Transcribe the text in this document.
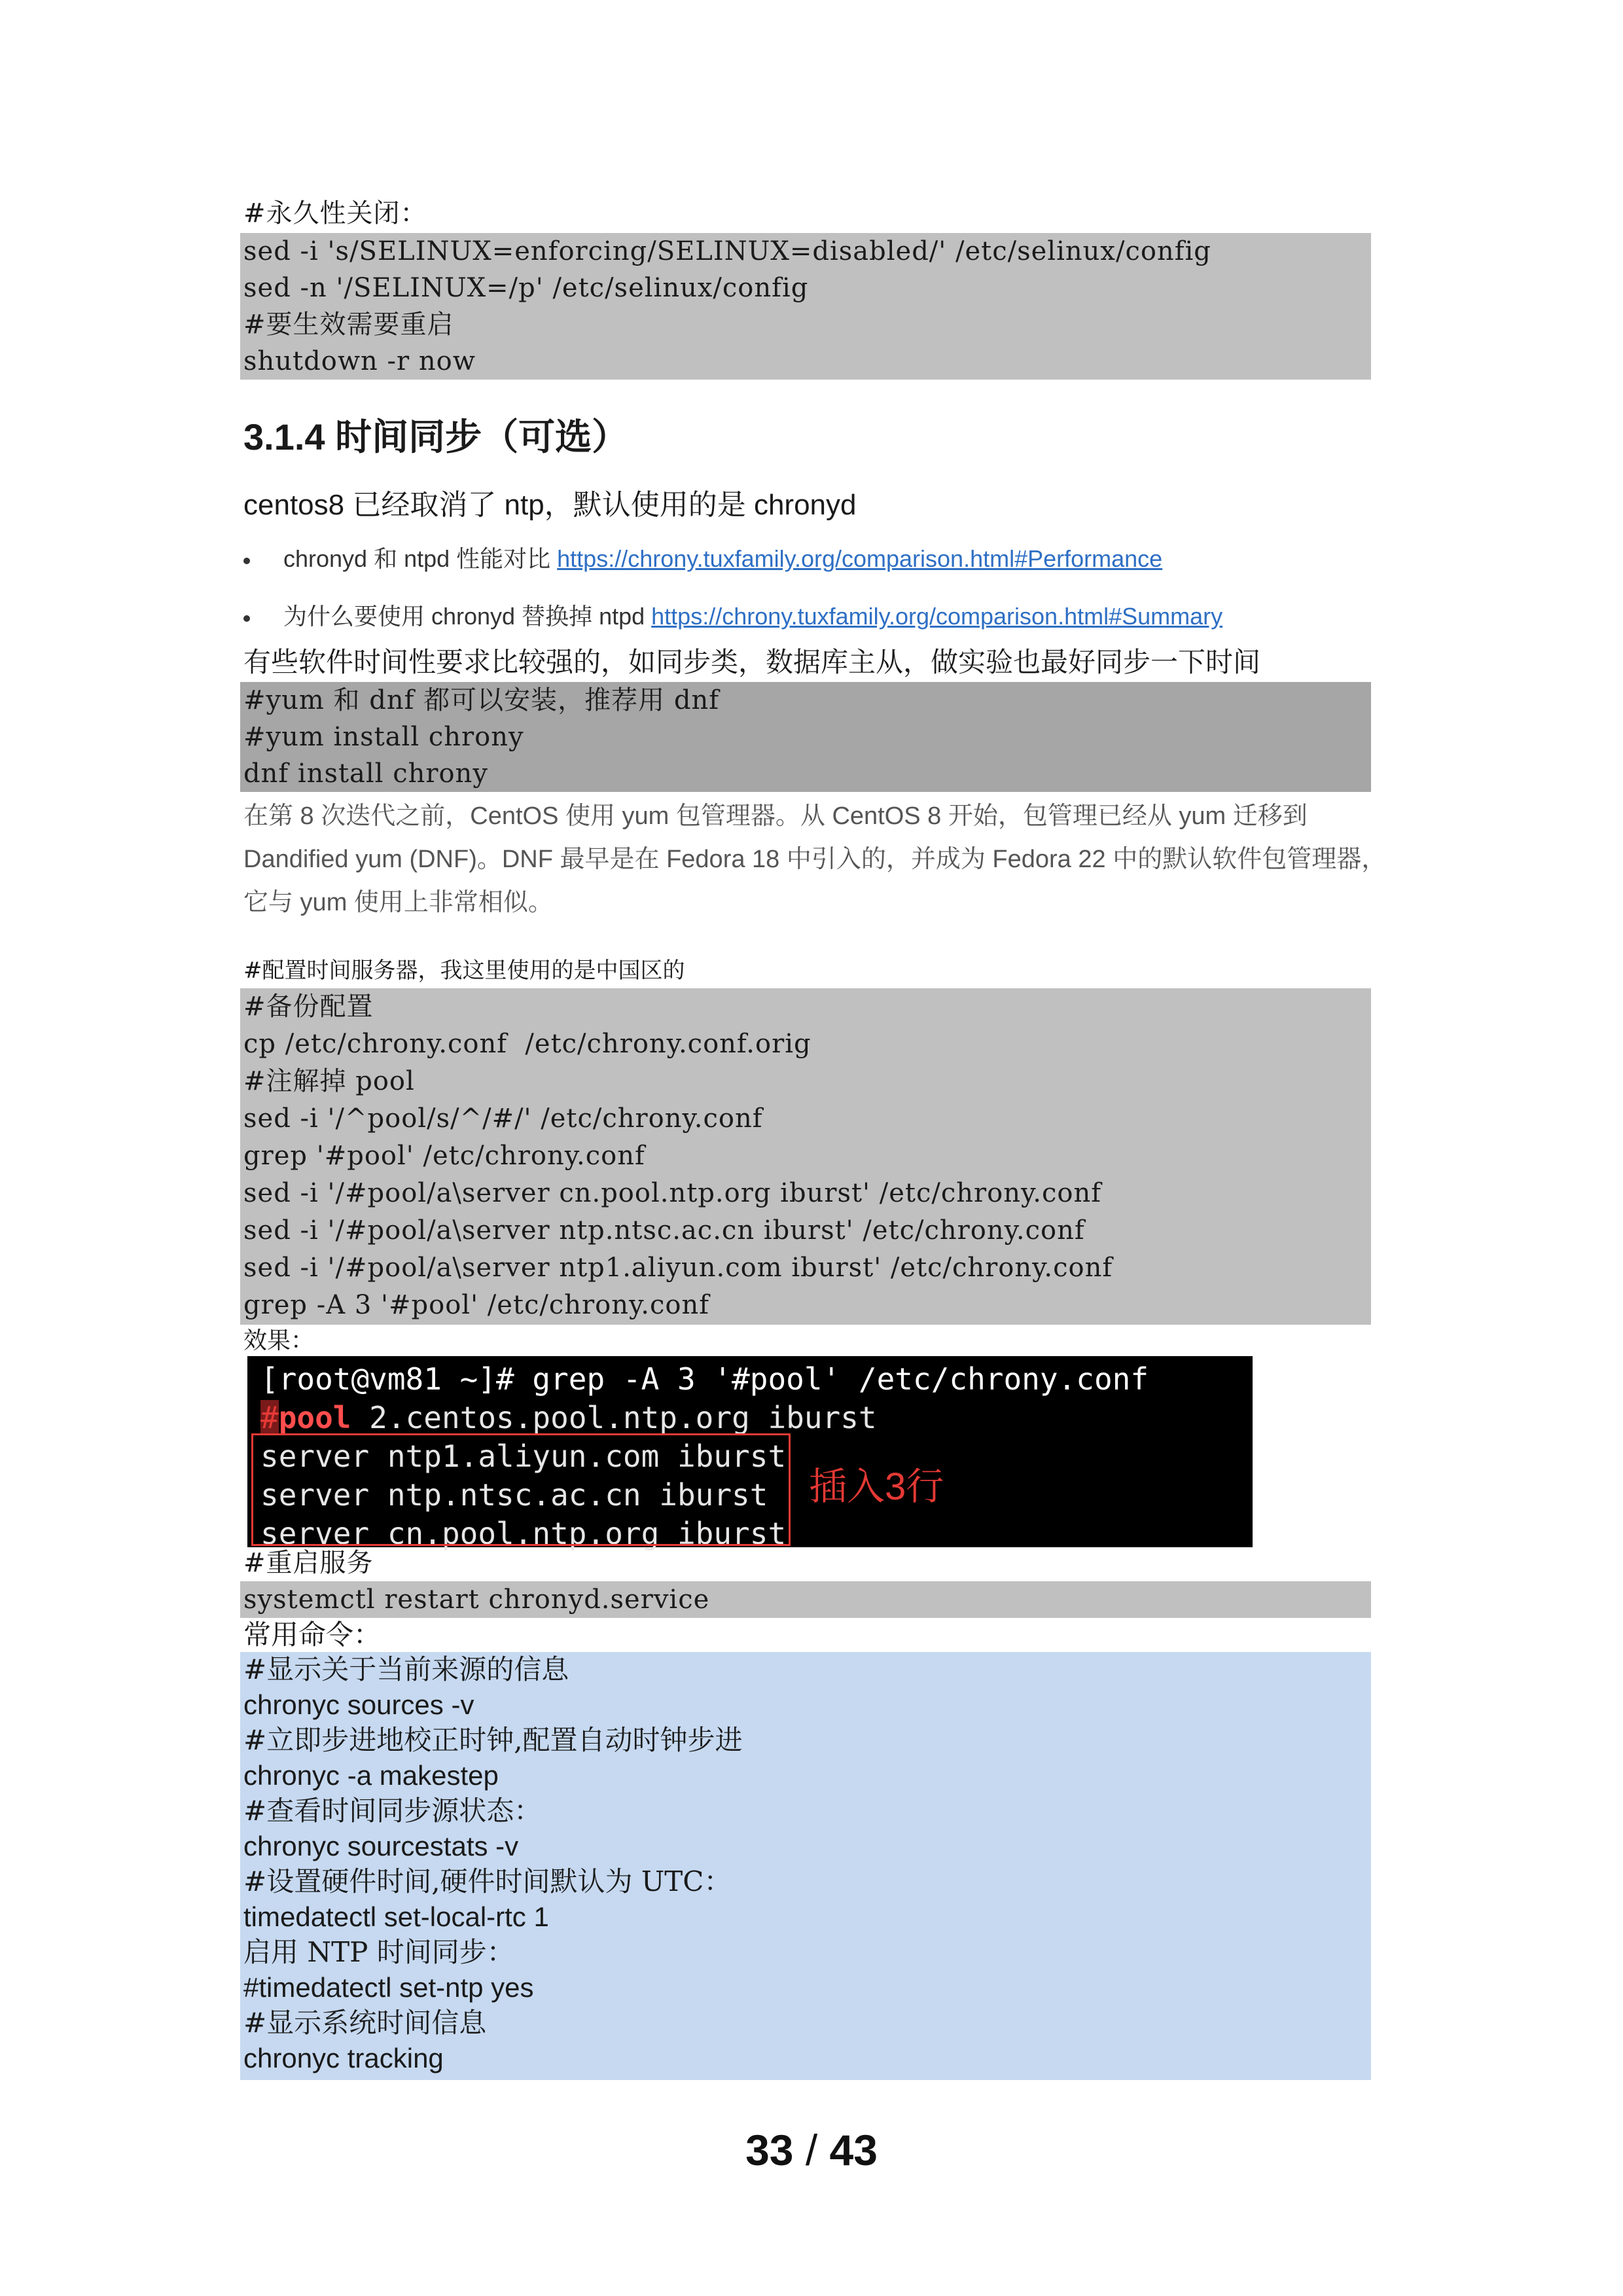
#永久性关闭：
sed -i 's/SELINUX=enforcing/SELINUX=disabled/' /etc/selinux/config
sed -n '/SELINUX=/p' /etc/selinux/config
#要生效需要重启
shutdown -r now
3.1.4 时间同步（可选）
centos8 已经取消了 ntp，默认使用的是 chronyd
chronyd 和 ntpd 性能对比 https://chrony.tuxfamily.org/comparison.html#Performance
为什么要使用 chronyd 替换掉 ntpd https://chrony.tuxfamily.org/comparison.html#Summary
有些软件时间性要求比较强的，如同步类，数据库主从，做实验也最好同步一下时间
#yum 和 dnf 都可以安装，推荐用 dnf
#yum install chrony
dnf install chrony
在第 8 次迭代之前，CentOS 使用 yum 包管理器。从 CentOS 8 开始，包管理已经从 yum 迁移到
Dandified yum (DNF)。DNF 最早是在 Fedora 18 中引入的，并成为 Fedora 22 中的默认软件包管理器，
它与 yum 使用上非常相似。
#配置时间服务器，我这里使用的是中国区的
#备份配置
cp /etc/chrony.conf  /etc/chrony.conf.orig
#注解掉 pool
sed -i '/^pool/s/^/#/' /etc/chrony.conf
grep '#pool' /etc/chrony.conf
sed -i '/#pool/a\server cn.pool.ntp.org iburst' /etc/chrony.conf
sed -i '/#pool/a\server ntp.ntsc.ac.cn iburst' /etc/chrony.conf
sed -i '/#pool/a\server ntp1.aliyun.com iburst' /etc/chrony.conf
grep -A 3 '#pool' /etc/chrony.conf
效果：
[root@vm81 ~]# grep -A 3 '#pool' /etc/chrony.conf
#pool 2.centos.pool.ntp.org iburst
server ntp1.aliyun.com iburst
server ntp.ntsc.ac.cn iburst
server cn.pool.ntp.org iburst
插入3行
#重启服务
systemctl restart chronyd.service
常用命令：
#显示关于当前来源的信息
chronyc sources -v
#立即步进地校正时钟,配置自动时钟步进
chronyc -a makestep
#查看时间同步源状态：
chronyc sourcestats -v
#设置硬件时间,硬件时间默认为 UTC：
timedatectl set-local-rtc 1
启用 NTP 时间同步：
#timedatectl set-ntp yes
#显示系统时间信息
chronyc tracking
33 / 43
